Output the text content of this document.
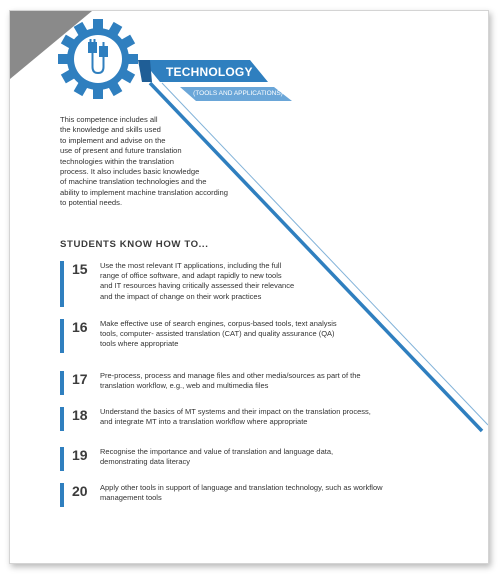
TECHNOLOGY
(TOOLS AND APPLICATIONS)

This competence includes all
the knowledge and skills used
to implement and advise on the
use of present and future translation
technologies within the translation
process. It also includes basic knowledge
of machine translation technologies and the
ability to implement machine translation according
to potential needs.

STUDENTS KNOW HOW TO...
15	Use the most relevant IT applications, including the full
range of office software, and adapt rapidly to new tools
and IT resources having critically assessed their relevance
and the impact of change on their work practices
16	Make effective use of search engines, corpus-based tools, text analysis
tools, computer- assisted translation (CAT) and quality assurance (QA)
tools where appropriate
17	Pre-process, process and manage files and other media/sources as part of the
translation workflow, e.g., web and multimedia files
18	Understand the basics of MT systems and their impact on the translation process,
and integrate MT into a translation workflow where appropriate
19	Recognise the importance and value of translation and language data,
demonstrating data literacy
20	Apply other tools in support of language and translation technology, such as workflow
management tools
